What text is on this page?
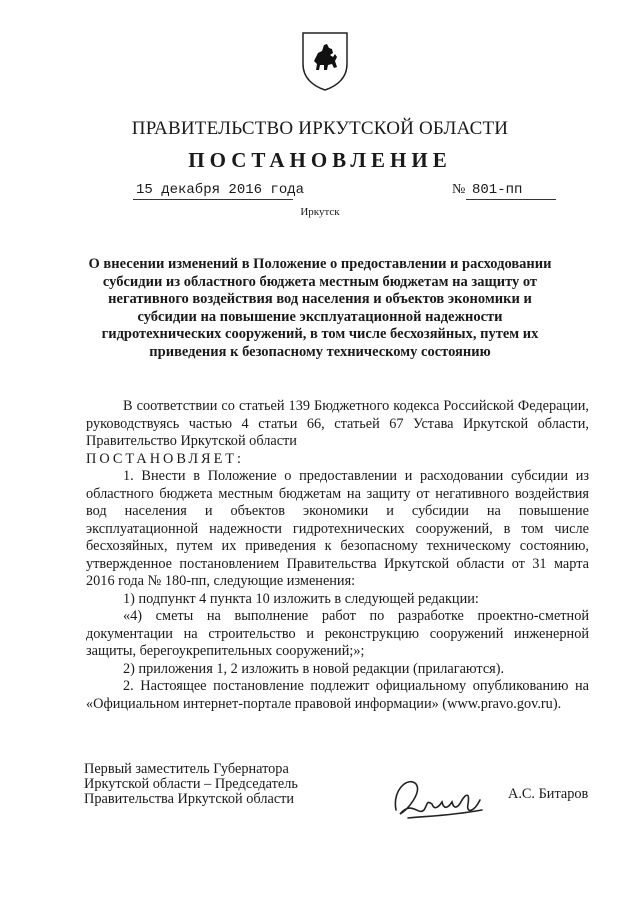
ПРАВИТЕЛЬСТВО ИРКУТСКОЙ ОБЛАСТИ
ПОСТАНОВЛЕНИЕ
15 декабря 2016 года	№ 801-пп
Иркутск
О внесении изменений в Положение о предоставлении и расходовании субсидии из областного бюджета местным бюджетам на защиту от негативного воздействия вод населения и объектов экономики и субсидии на повышение эксплуатационной надежности гидротехнических сооружений, в том числе бесхозяйных, путем их приведения к безопасному техническому состоянию

В соответствии со статьей 139 Бюджетного кодекса Российской Федерации, руководствуясь частью 4 статьи 66, статьей 67 Устава Иркутской области, Правительство Иркутской области

ПОСТАНОВЛЯЕТ:

1. Внести в Положение о предоставлении и расходовании субсидии из областного бюджета местным бюджетам на защиту от негативного воздействия вод населения и объектов экономики и субсидии на повышение эксплуатационной надежности гидротехнических сооружений, в том числе бесхозяйных, путем их приведения к безопасному техническому состоянию, утвержденное постановлением Правительства Иркутской области от 31 марта 2016 года № 180-пп, следующие изменения:

1) подпункт 4 пункта 10 изложить в следующей редакции:

«4) сметы на выполнение работ по разработке проектно-сметной документации на строительство и реконструкцию сооружений инженерной защиты, берегоукрепительных сооружений;»;

2) приложения 1, 2 изложить в новой редакции (прилагаются).

2. Настоящее постановление подлежит официальному опубликованию на «Официальном интернет-портале правовой информации» (www.pravo.gov.ru).

Первый заместитель Губернатора
Иркутской области – Председатель
Правительства Иркутской области	А.С. Битаров
